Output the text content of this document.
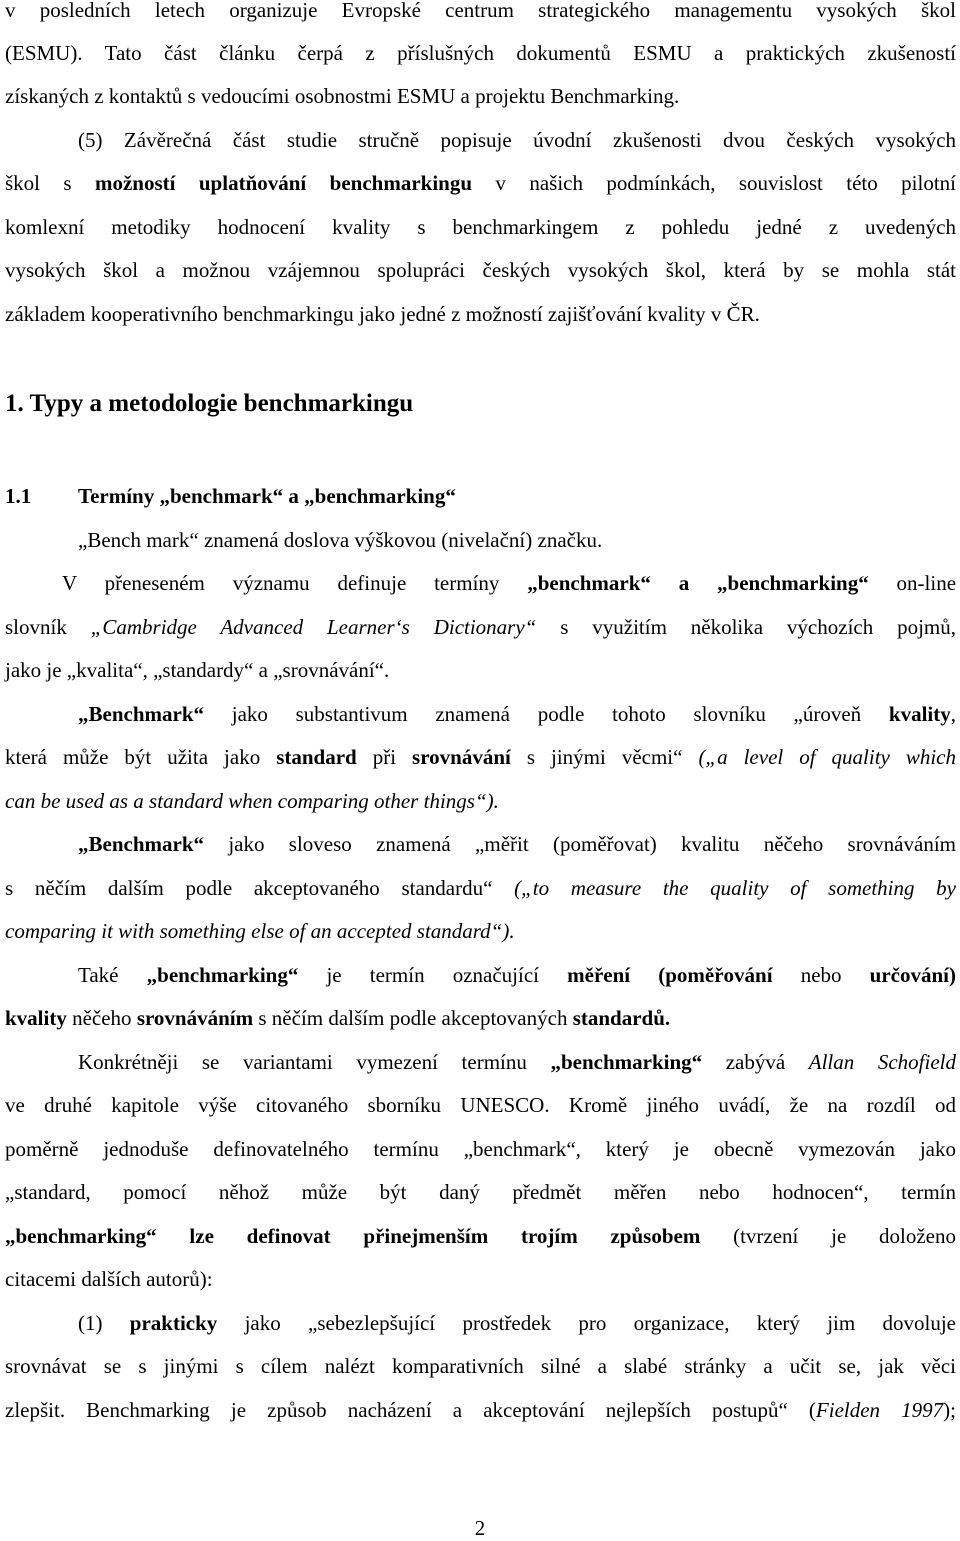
v posledních letech organizuje Evropské centrum strategického managementu vysokých škol
(ESMU). Tato část článku čerpá z příslušných dokumentů ESMU a praktických zkušeností
získaných z kontaktů s vedoucími osobnostmi ESMU a projektu Benchmarking.
(5) Závěrečná část studie stručně popisuje úvodní zkušenosti dvou českých vysokých
škol s možností uplatňování benchmarkingu v našich podmínkách, souvislost této pilotní
komlexní metodiky hodnocení kvality s benchmarkingem z pohledu jedné z uvedených
vysokých škol a možnou vzájemnou spolupráci českých vysokých škol, která by se mohla stát
základem kooperativního benchmarkingu jako jedné z možností zajišťování kvality v ČR.
1. Typy a metodologie benchmarkingu
1.1 Termíny „benchmark“ a „benchmarking“
„Bench mark“ znamená doslova výškovou (nivelační) značku.
V přeneseném významu definuje termíny „benchmark“ a „benchmarking“ on-line
slovník „Cambridge Advanced Learner‘s Dictionary“ s využitím několika výchozích pojmů,
jako je „kvalita“, „standardy“ a „srovnávání“.
„Benchmark“ jako substantivum znamená podle tohoto slovníku „úroveň kvality,
která může být užita jako standard při srovnávání s jinými věcmi“ („a level of quality which
can be used as a standard when comparing other things“).
„Benchmark“ jako sloveso znamená „měřit (poměřovat) kvalitu něčeho srovnáváním
s něčím dalším podle akceptovaného standardu“ („to measure the quality of something by
comparing it with something else of an accepted standard“).
Také „benchmarking“ je termín označující měření (poměřování nebo určování)
kvality něčeho srovnáváním s něčím dalším podle akceptovaných standardů.
Konkrétněji se variantami vymezení termínu „benchmarking“ zabývá Allan Schofield
ve druhé kapitole výše citovaného sborníku UNESCO. Kromě jiného uvádí, že na rozdíl od
poměrně jednoduše definovatelného termínu „benchmark“, který je obecně vymezován jako
„standard, pomocí něhož může být daný předmět měřen nebo hodnocen“, termín
„benchmarking“ lze definovat přinejmenším trojím způsobem (tvrzení je doloženo
citacemi dalších autorů):
(1) prakticky jako „sebezlepšující prostředek pro organizace, který jim dovoluje
srovnávat se s jinými s cílem nalézt komparativních silné a slabé stránky a učit se, jak věci
zlepšit. Benchmarking je způsob nacházení a akceptování nejlepších postupů“ (Fielden 1997);
2
